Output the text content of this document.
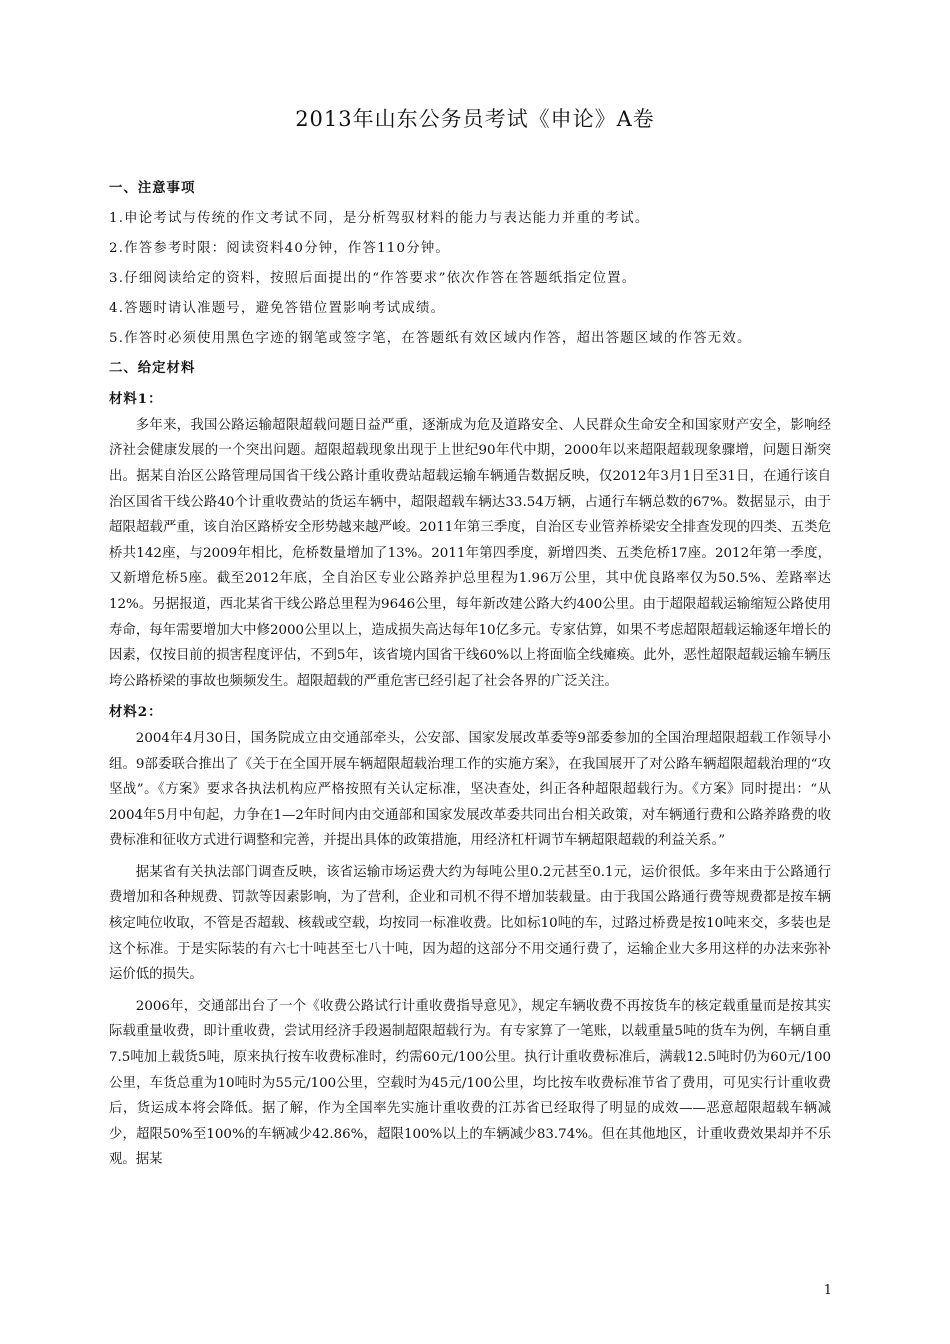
2013年山东公务员考试《申论》A卷

一、注意事项

1.申论考试与传统的作文考试不同，是分析驾驭材料的能力与表达能力并重的考试。

2.作答参考时限：阅读资料40分钟，作答110分钟。

3.仔细阅读给定的资料，按照后面提出的“作答要求”依次作答在答题纸指定位置。

4.答题时请认准题号，避免答错位置影响考试成绩。

5.作答时必须使用黑色字迹的钢笔或签字笔，在答题纸有效区域内作答，超出答题区域的作答无效。

二、给定材料

材料1：

多年来，我国公路运输超限超载问题日益严重，逐渐成为危及道路安全、人民群众生命安全和国家财产安全，影响经济社会健康发展的一个突出问题。超限超载现象出现于上世纪90年代中期，2000年以来超限超载现象骤增，问题日渐突出。据某自治区公路管理局国省干线公路计重收费站超载运输车辆通告数据反映，仅2012年3月1日至31日，在通行该自治区国省干线公路40个计重收费站的货运车辆中，超限超载车辆达33.54万辆，占通行车辆总数的67%。数据显示，由于超限超载严重，该自治区路桥安全形势越来越严峻。2011年第三季度，自治区专业管养桥梁安全排查发现的四类、五类危桥共142座，与2009年相比，危桥数量增加了13%。2011年第四季度，新增四类、五类危桥17座。2012年第一季度，又新增危桥5座。截至2012年底，全自治区专业公路养护总里程为1.96万公里，其中优良路率仅为50.5%、差路率达12%。另据报道，西北某省干线公路总里程为9646公里，每年新改建公路大约400公里。由于超限超载运输缩短公路使用寿命，每年需要增加大中修2000公里以上，造成损失高达每年10亿多元。专家估算，如果不考虑超限超载运输逐年增长的因素，仅按目前的损害程度评估，不到5年，该省境内国省干线60%以上将面临全线瘫痪。此外，恶性超限超载运输车辆压垮公路桥梁的事故也频频发生。超限超载的严重危害已经引起了社会各界的广泛关注。

材料2：

2004年4月30日，国务院成立由交通部牵头，公安部、国家发展改革委等9部委参加的全国治理超限超载工作领导小组。9部委联合推出了《关于在全国开展车辆超限超载治理工作的实施方案》，在我国展开了对公路车辆超限超载治理的“攻坚战”。《方案》要求各执法机构应严格按照有关认定标准，坚决查处，纠正各种超限超载行为。《方案》同时提出：“从2004年5月中旬起，力争在1—2年时间内由交通部和国家发展改革委共同出台相关政策，对车辆通行费和公路养路费的收费标准和征收方式进行调整和完善，并提出具体的政策措施，用经济杠杆调节车辆超限超载的利益关系。”

据某省有关执法部门调查反映，该省运输市场运费大约为每吨公里0.2元甚至0.1元，运价很低。多年来由于公路通行费增加和各种规费、罚款等因素影响，为了营利，企业和司机不得不增加装载量。由于我国公路通行费等规费都是按车辆核定吨位收取，不管是否超载、核载或空载，均按同一标准收费。比如标10吨的车，过路过桥费是按10吨来交，多装也是这个标准。于是实际装的有六七十吨甚至七八十吨，因为超的这部分不用交通行费了，运输企业大多用这样的办法来弥补运价低的损失。

2006年，交通部出台了一个《收费公路试行计重收费指导意见》，规定车辆收费不再按货车的核定载重量而是按其实际载重量收费，即计重收费，尝试用经济手段遏制超限超载行为。有专家算了一笔账，以载重量5吨的货车为例，车辆自重7.5吨加上载货5吨，原来执行按车收费标准时，约需60元/100公里。执行计重收费标准后，满载12.5吨时仍为60元/100公里，车货总重为10吨时为55元/100公里，空载时为45元/100公里，均比按车收费标准节省了费用，可见实行计重收费后，货运成本将会降低。据了解，作为全国率先实施计重收费的江苏省已经取得了明显的成效——恶意超限超载车辆减少，超限50%至100%的车辆减少42.86%，超限100%以上的车辆减少83.74%。但在其他地区，计重收费效果却并不乐观。据某

1
